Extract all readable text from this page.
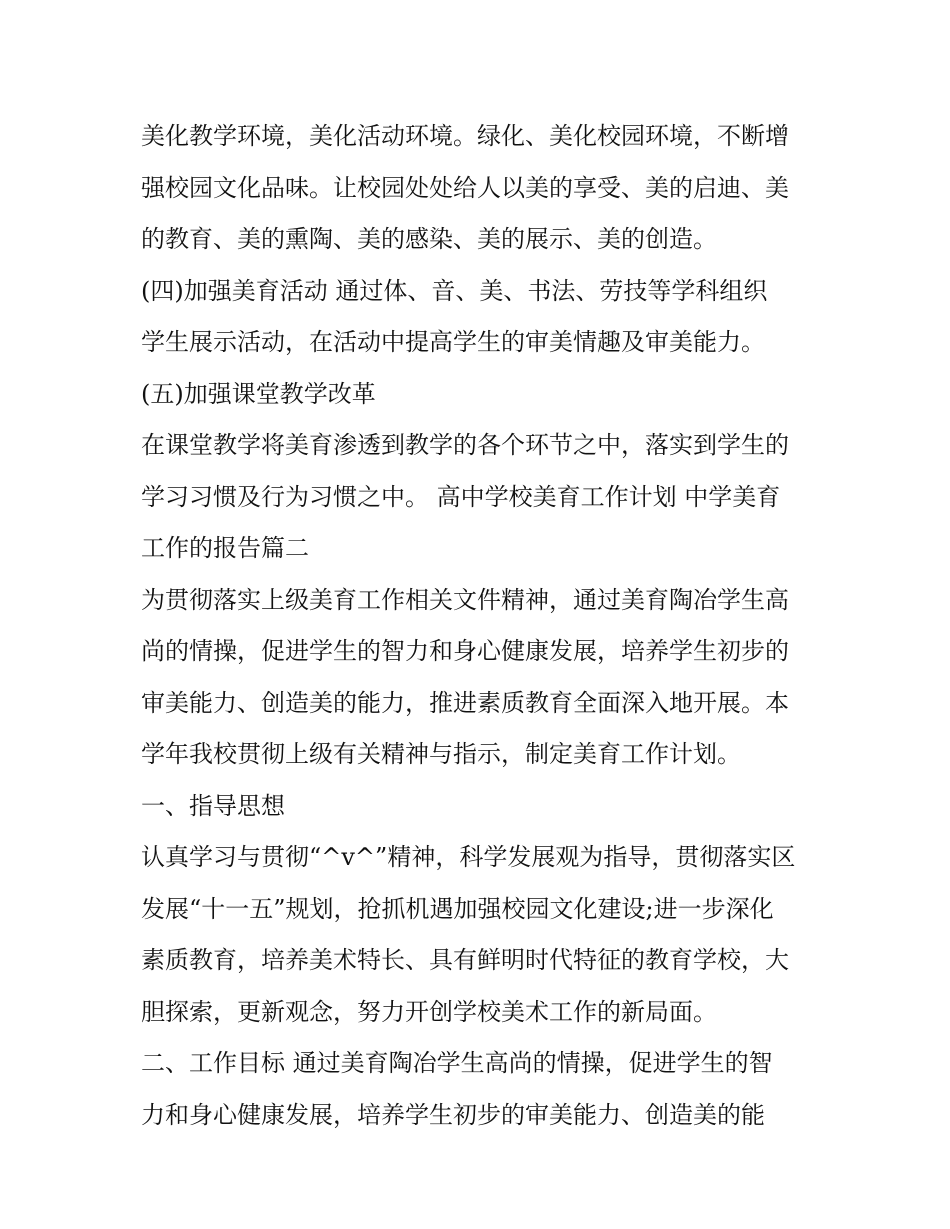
美化教学环境，美化活动环境。绿化、美化校园环境，不断增
强校园文化品味。让校园处处给人以美的享受、美的启迪、美
的教育、美的熏陶、美的感染、美的展示、美的创造。
(四)加强美育活动 通过体、音、美、书法、劳技等学科组织
学生展示活动，在活动中提高学生的审美情趣及审美能力。
(五)加强课堂教学改革
在课堂教学将美育渗透到教学的各个环节之中，落实到学生的
学习习惯及行为习惯之中。 高中学校美育工作计划 中学美育
工作的报告篇二
为贯彻落实上级美育工作相关文件精神，通过美育陶冶学生高
尚的情操，促进学生的智力和身心健康发展，培养学生初步的
审美能力、创造美的能力，推进素质教育全面深入地开展。本
学年我校贯彻上级有关精神与指示，制定美育工作计划。
一、指导思想
认真学习与贯彻“^v^”精神，科学发展观为指导，贯彻落实区
发展“十一五”规划，抢抓机遇加强校园文化建设;进一步深化
素质教育，培养美术特长、具有鲜明时代特征的教育学校，大
胆探索，更新观念，努力开创学校美术工作的新局面。
二、工作目标 通过美育陶冶学生高尚的情操，促进学生的智
力和身心健康发展，培养学生初步的审美能力、创造美的能
